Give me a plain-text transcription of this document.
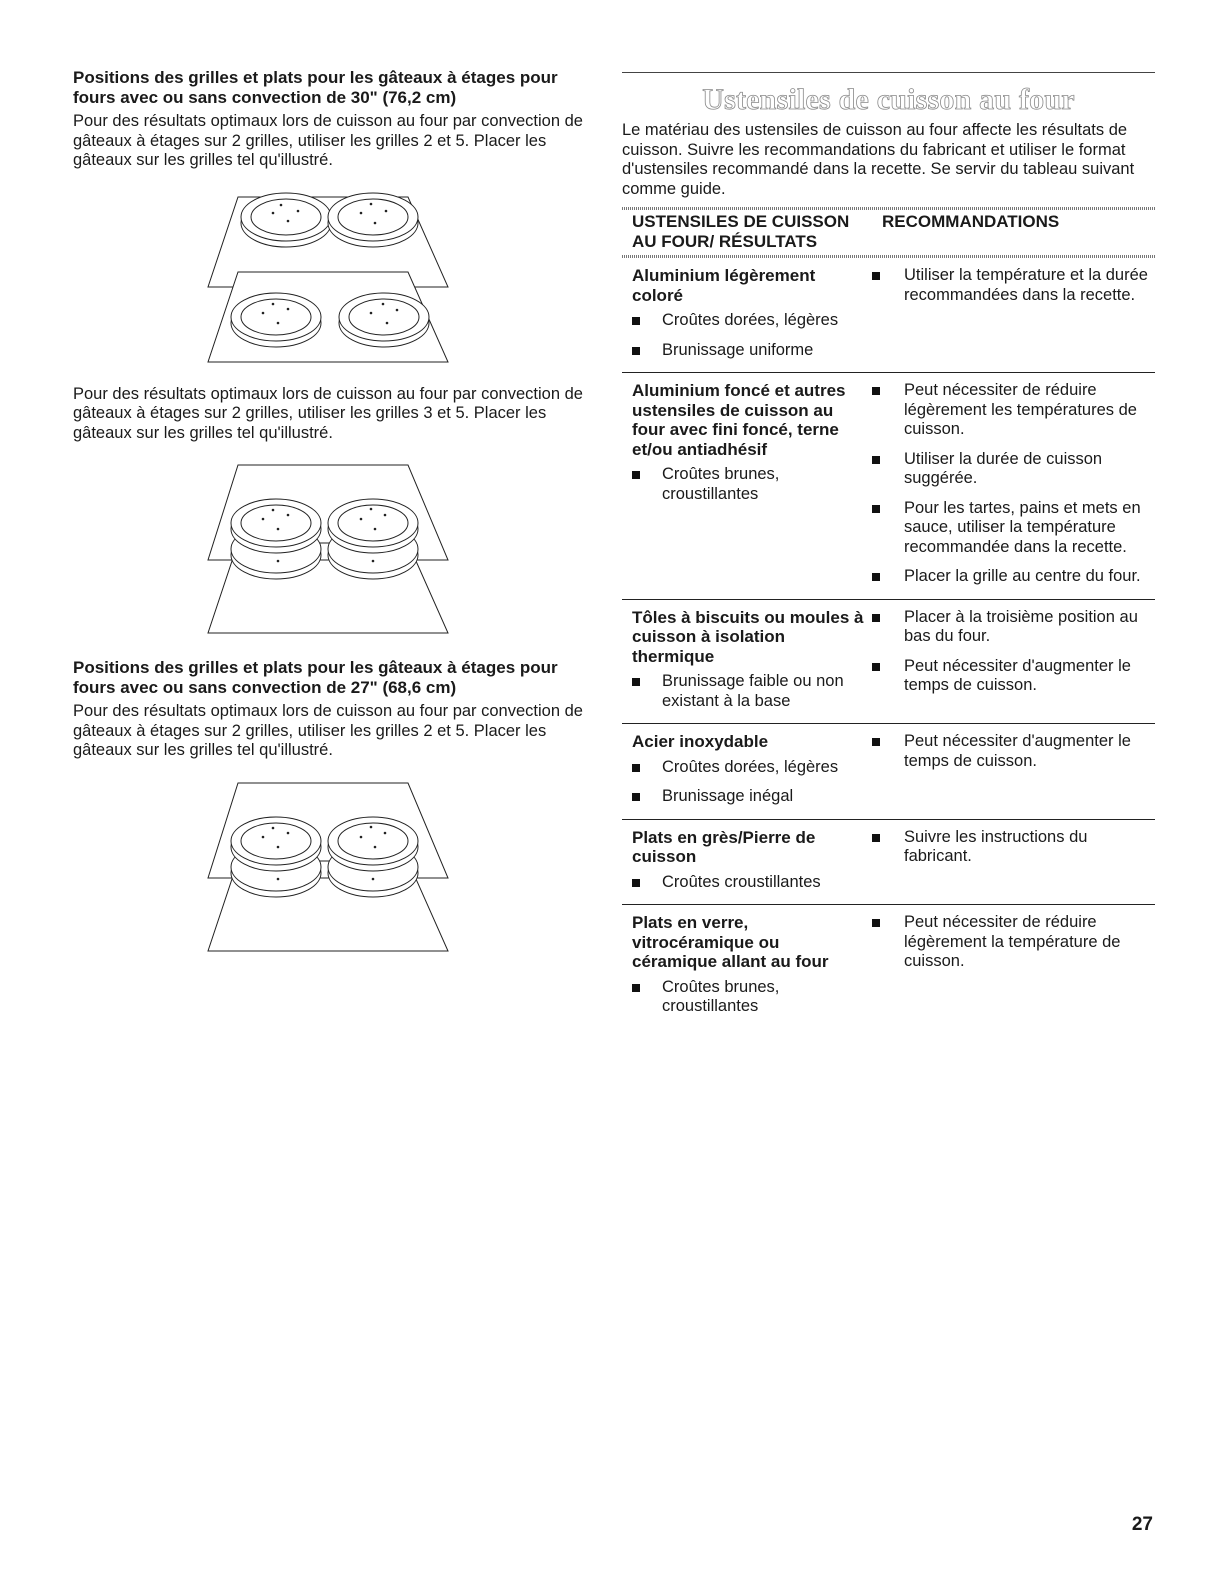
Positions des grilles et plats pour les gâteaux à étages pour fours avec ou sans convection de 30" (76,2 cm)

Pour des résultats optimaux lors de cuisson au four par convection de gâteaux à étages sur 2 grilles, utiliser les grilles 2 et 5. Placer les gâteaux sur les grilles tel qu'illustré.

Pour des résultats optimaux lors de cuisson au four par convection de gâteaux à étages sur 2 grilles, utiliser les grilles 3 et 5. Placer les gâteaux sur les grilles tel qu'illustré.

Positions des grilles et plats pour les gâteaux à étages pour fours avec ou sans convection de 27" (68,6 cm)

Pour des résultats optimaux lors de cuisson au four par convection de gâteaux à étages sur 2 grilles, utiliser les grilles 2 et 5. Placer les gâteaux sur les grilles tel qu'illustré.

Ustensiles de cuisson au four

Le matériau des ustensiles de cuisson au four affecte les résultats de cuisson. Suivre les recommandations du fabricant et utiliser le format d'ustensiles recommandé dans la recette. Se servir du tableau suivant comme guide.

USTENSILES DE CUISSON AU FOUR/ RÉSULTATS
RECOMMANDATIONS

Aluminium légèrement coloré

Croûtes dorées, légères
Brunissage uniforme
Utiliser la température et la durée recommandées dans la recette.

Aluminium foncé et autres ustensiles de cuisson au four avec fini foncé, terne et/ou antiadhésif

Croûtes brunes, croustillantes
Peut nécessiter de réduire légèrement les températures de cuisson.
Utiliser la durée de cuisson suggérée.
Pour les tartes, pains et mets en sauce, utiliser la température recommandée dans la recette.
Placer la grille au centre du four.

Tôles à biscuits ou moules à cuisson à isolation thermique

Brunissage faible ou non existant à la base
Placer à la troisième position au bas du four.
Peut nécessiter d'augmenter le temps de cuisson.

Acier inoxydable

Croûtes dorées, légères
Brunissage inégal
Peut nécessiter d'augmenter le temps de cuisson.

Plats en grès/Pierre de cuisson

Croûtes croustillantes
Suivre les instructions du fabricant.

Plats en verre, vitrocéramique ou céramique allant au four

Croûtes brunes, croustillantes
Peut nécessiter de réduire légèrement la température de cuisson.
27
